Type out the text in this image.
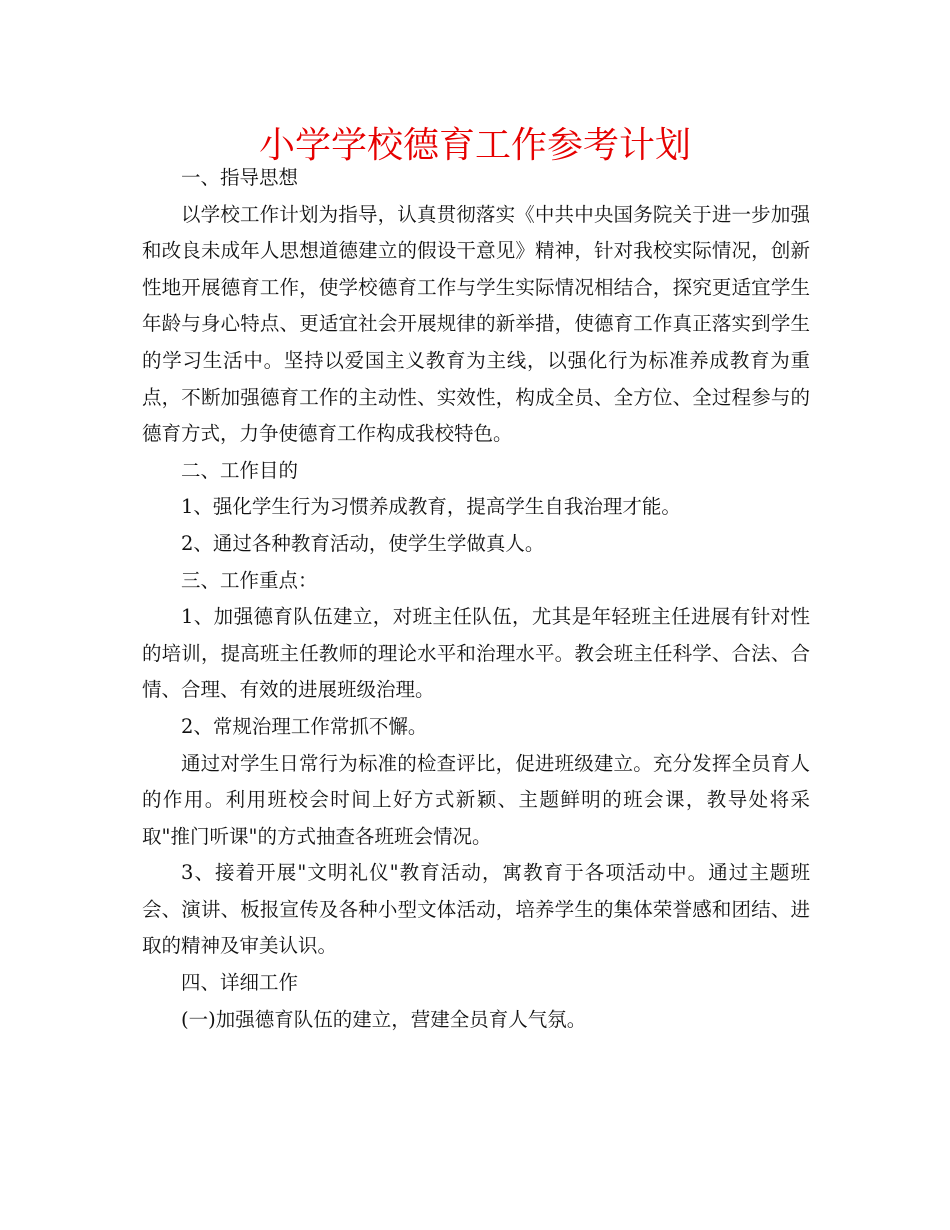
小学学校德育工作参考计划

一、指导思想

以学校工作计划为指导，认真贯彻落实《中共中央国务院关于进一步加强和改良未成年人思想道德建立的假设干意见》精神，针对我校实际情况，创新性地开展德育工作，使学校德育工作与学生实际情况相结合，探究更适宜学生年龄与身心特点、更适宜社会开展规律的新举措，使德育工作真正落实到学生的学习生活中。坚持以爱国主义教育为主线，以强化行为标准养成教育为重点，不断加强德育工作的主动性、实效性，构成全员、全方位、全过程参与的德育方式，力争使德育工作构成我校特色。

二、工作目的

1、强化学生行为习惯养成教育，提高学生自我治理才能。

2、通过各种教育活动，使学生学做真人。

三、工作重点：

1、加强德育队伍建立，对班主任队伍，尤其是年轻班主任进展有针对性的培训，提高班主任教师的理论水平和治理水平。教会班主任科学、合法、合情、合理、有效的进展班级治理。

2、常规治理工作常抓不懈。

通过对学生日常行为标准的检查评比，促进班级建立。充分发挥全员育人的作用。利用班校会时间上好方式新颖、主题鲜明的班会课，教导处将采取"推门听课"的方式抽查各班班会情况。

3、接着开展"文明礼仪"教育活动，寓教育于各项活动中。通过主题班会、演讲、板报宣传及各种小型文体活动，培养学生的集体荣誉感和团结、进取的精神及审美认识。

四、详细工作

(一)加强德育队伍的建立，营建全员育人气氛。
